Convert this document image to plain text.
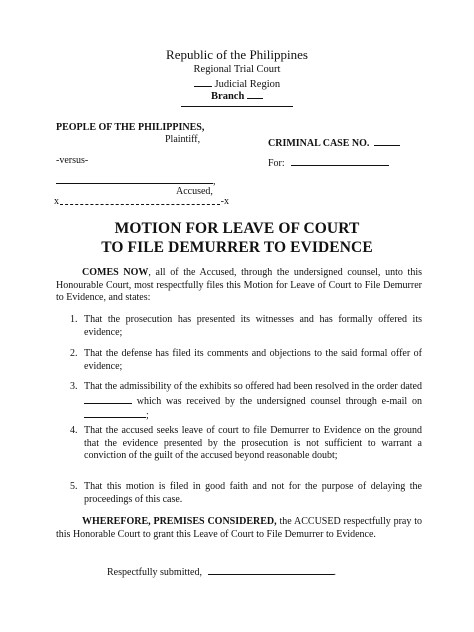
Republic of the Philippines
Regional Trial Court
Judicial Region
Branch
PEOPLE OF THE PHILIPPINES,
Plaintiff,	CRIMINAL CASE NO.
-versus-	For:
,
Accused,
x	-x
MOTION FOR LEAVE OF COURT
TO FILE DEMURRER TO EVIDENCE
COMES NOW, all of the Accused, through the undersigned counsel, unto this Honourable Court, most respectfully files this Motion for Leave of Court to File Demurrer to Evidence, and states:
1. That the prosecution has presented its witnesses and has formally offered its evidence;
2. That the defense has filed its comments and objections to the said formal offer of evidence;
3. That the admissibility of the exhibits so offered had been resolved in the order dated  which was received by the undersigned counsel through e-mail on ;
4. That the accused seeks leave of court to file Demurrer to Evidence on the ground that the evidence presented by the prosecution is not sufficient to warrant a conviction of the guilt of the accused beyond reasonable doubt;
5. That this motion is filed in good faith and not for the purpose of delaying the proceedings of this case.
WHEREFORE, PREMISES CONSIDERED, the ACCUSED respectfully pray to this Honorable Court to grant this Leave of Court to File Demurrer to Evidence.
Respectfully submitted,	.
